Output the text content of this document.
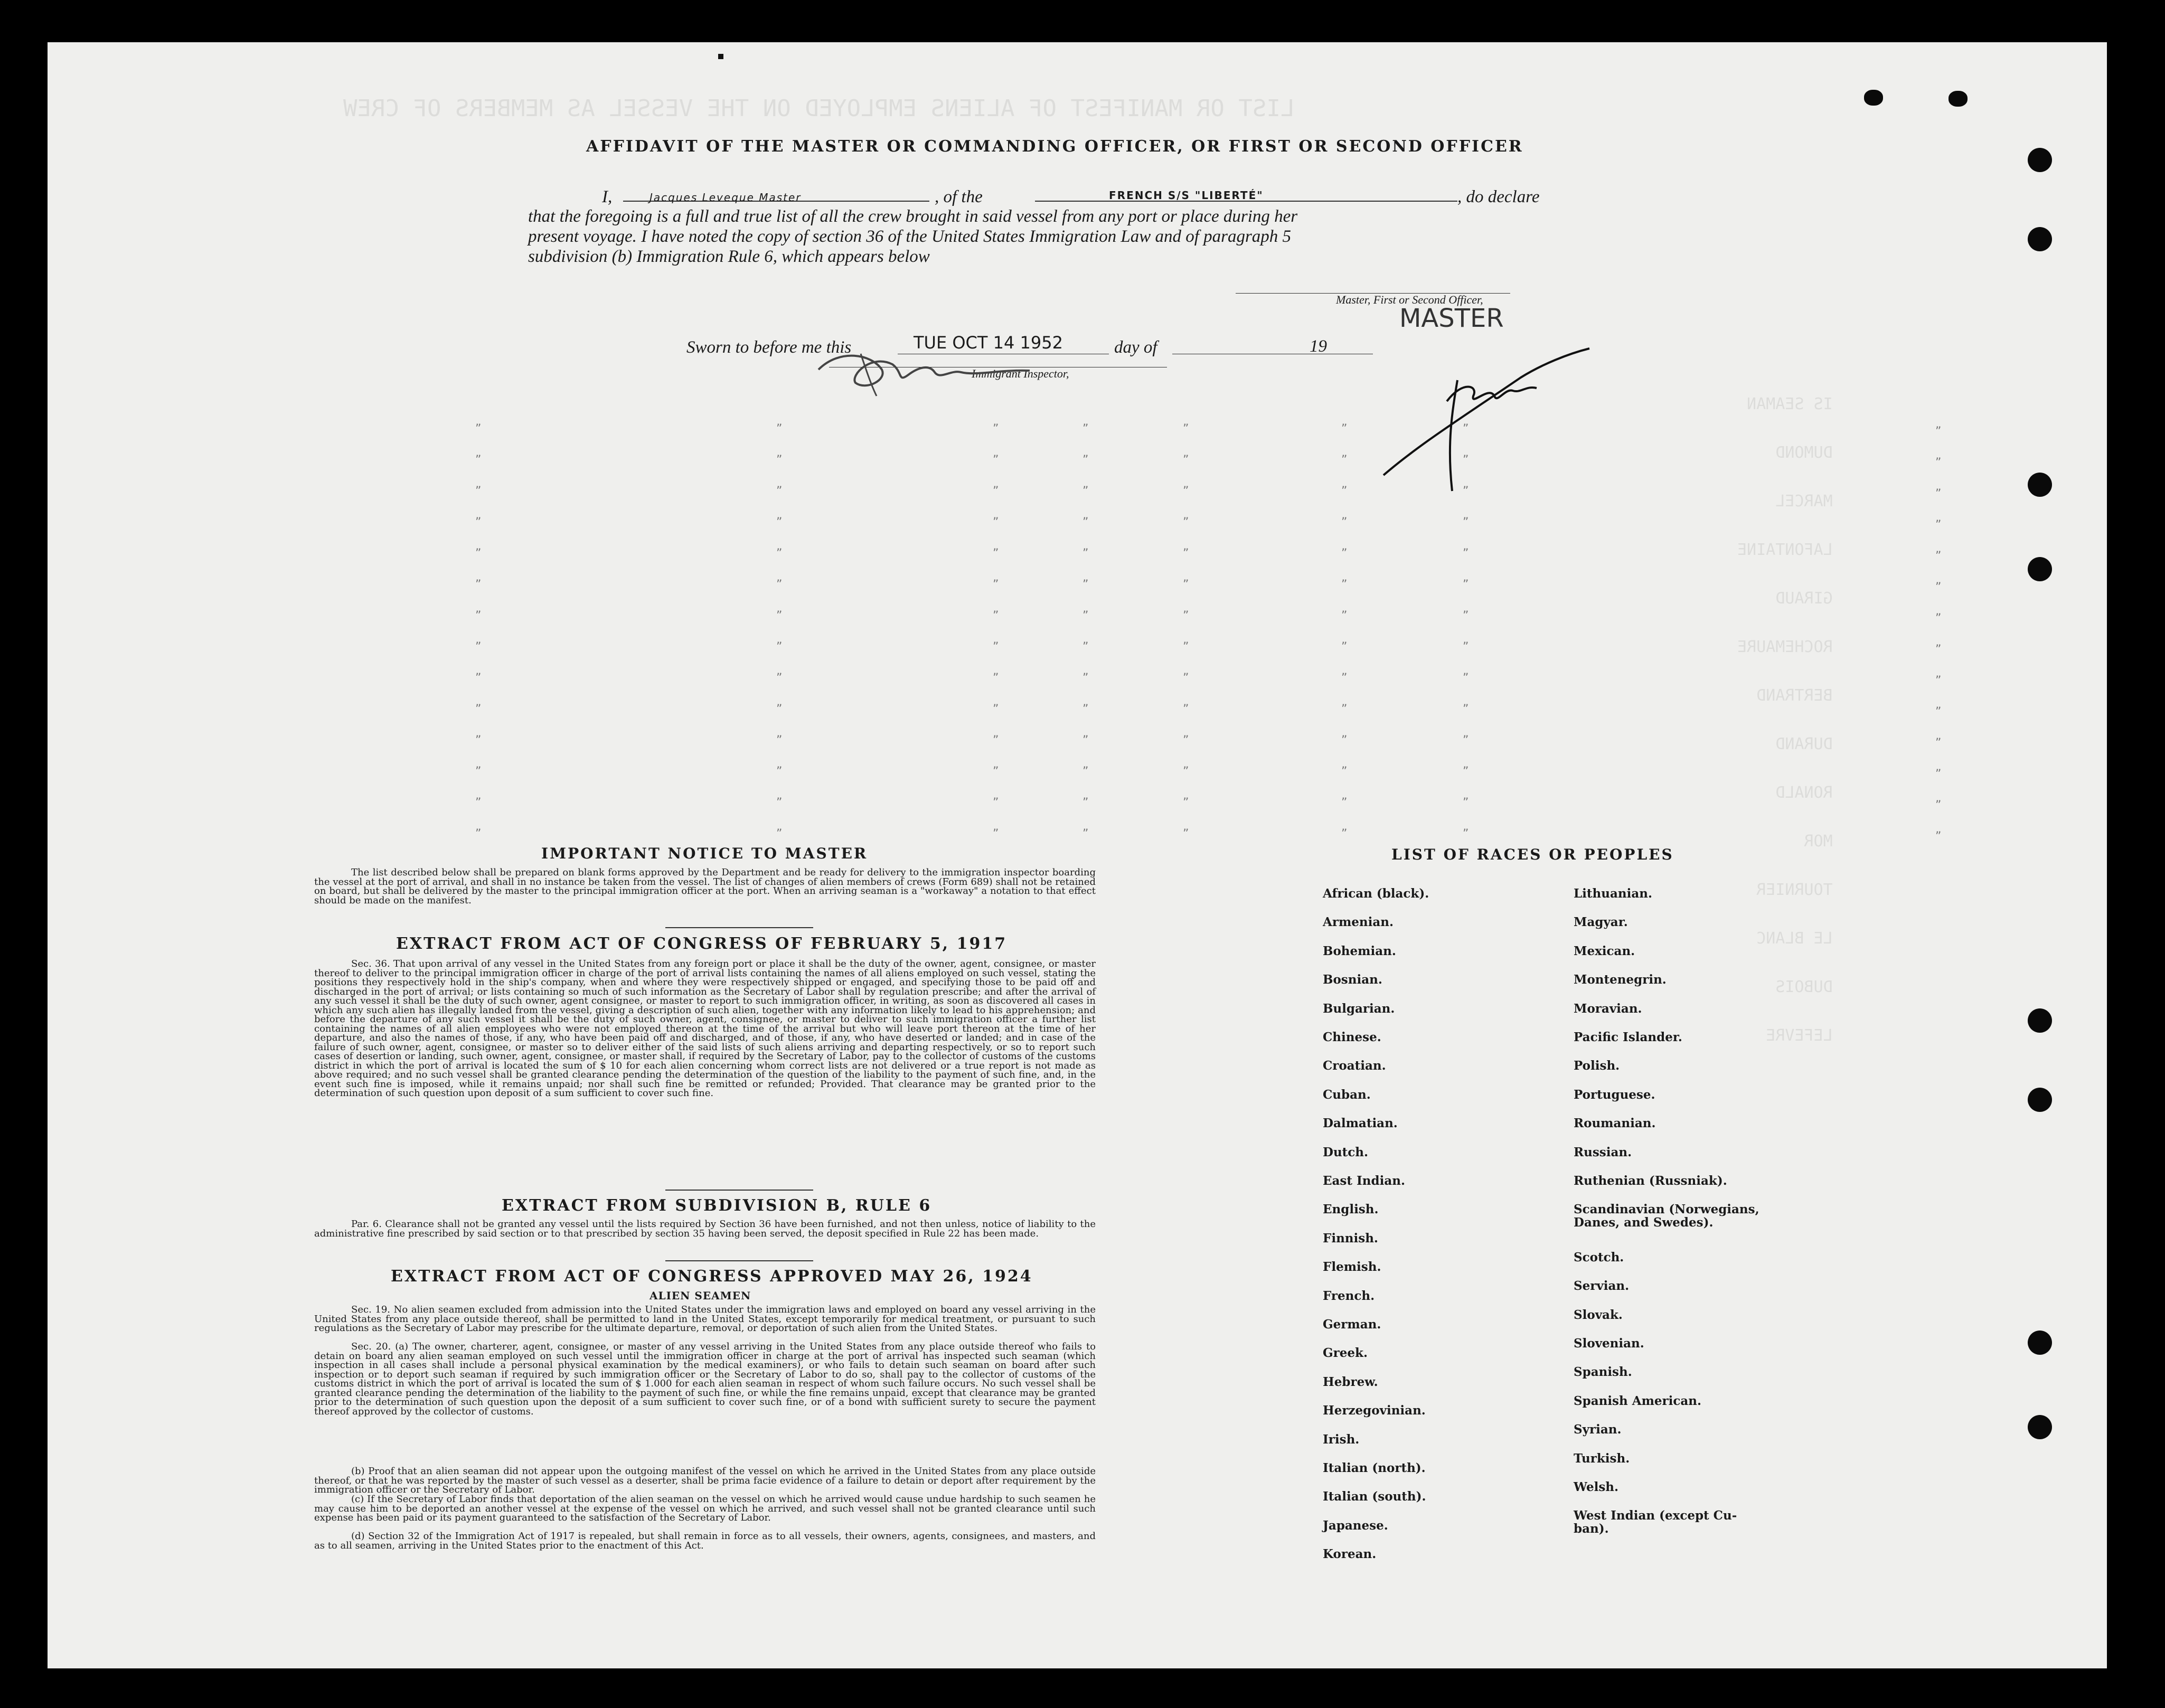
LIST OR MANIFEST OF ALIENS EMPLOYED ON THE VESSEL AS MEMBERS OF CREW
IS SEAMAN
DUMOND
MARCEL
LAFONTAINE
GIRAUD
ROCHEMAURE
BERTRAND
DURAND
RONALD
MOR
TOURNIER
LE BLANC
DUBOIS
LEFEVRE
”	”	”	”	”	”	”	”
”	”	”	”	”	”	”	”
”	”	”	”	”	”	”	”
”	”	”	”	”	”	”	”
”	”	”	”	”	”	”	”
”	”	”	”	”	”	”	”
”	”	”	”	”	”	”	”
”	”	”	”	”	”	”	”
”	”	”	”	”	”	”	”
”	”	”	”	”	”	”	”
”	”	”	”	”	”	”	”
”	”	”	”	”	”	”	”
”	”	”	”	”	”	”	”
”	”	”	”	”	”	”	”
AFFIDAVIT OF THE MASTER OR COMMANDING OFFICER, OR FIRST OR SECOND OFFICER
I,	Jacques Leveque Master	, of the	FRENCH S/S "LIBERTÉ"	, do declare
that the foregoing is a full and true list of all the crew brought in said vessel from any port or place during her
present voyage. I have noted the copy of section 36 of the United States Immigration Law and of paragraph 5
subdivision (b) Immigration Rule 6, which appears below
Master, First or Second Officer,
MASTER
Sworn to before me this	TUE OCT 14 1952	day of	19
Immigrant Inspector,
IMPORTANT NOTICE TO MASTER
The list described below shall be prepared on blank forms approved by the Department and be ready for delivery to the immigration inspector boarding the vessel at the port of arrival, and shall in no instance be taken from the vessel. The list of changes of alien members of crews (Form 689) shall not be retained on board, but shall be delivered by the master to the principal immigration officer at the port. When an arriving seaman is a "workaway" a notation to that effect should be made on the manifest.
EXTRACT FROM ACT OF CONGRESS OF FEBRUARY 5, 1917
Sec. 36. That upon arrival of any vessel in the United States from any foreign port or place it shall be the duty of the owner, agent, consignee, or master thereof to deliver to the principal immigration officer in charge of the port of arrival lists containing the names of all aliens employed on such vessel, stating the positions they respectively hold in the ship's company, when and where they were respectively shipped or engaged, and specifying those to be paid off and discharged in the port of arrival; or lists containing so much of such information as the Secretary of Labor shall by regulation prescribe; and after the arrival of any such vessel it shall be the duty of such owner, agent consignee, or master to report to such immigration officer, in writing, as soon as discovered all cases in which any such alien has illegally landed from the vessel, giving a description of such alien, together with any information likely to lead to his apprehension; and before the departure of any such vessel it shall be the duty of such owner, agent, consignee, or master to deliver to such immigration officer a further list containing the names of all alien employees who were not employed thereon at the time of the arrival but who will leave port thereon at the time of her departure, and also the names of those, if any, who have been paid off and discharged, and of those, if any, who have deserted or landed; and in case of the failure of such owner, agent, consignee, or master so to deliver either of the said lists of such aliens arriving and departing respectively, or so to report such cases of desertion or landing, such owner, agent, consignee, or master shall, if required by the Secretary of Labor, pay to the collector of customs of the customs district in which the port of arrival is located the sum of $ 10 for each alien concerning whom correct lists are not delivered or a true report is not made as above required; and no such vessel shall be granted clearance pending the determination of the question of the liability to the payment of such fine, and, in the event such fine is imposed, while it remains unpaid; nor shall such fine be remitted or refunded; Provided. That clearance may be granted prior to the determination of such question upon deposit of a sum sufficient to cover such fine.
EXTRACT FROM SUBDIVISION B, RULE 6
Par. 6. Clearance shall not be granted any vessel until the lists required by Section 36 have been furnished, and not then unless, notice of liability to the administrative fine prescribed by said section or to that prescribed by section 35 having been served, the deposit specified in Rule 22 has been made.
EXTRACT FROM ACT OF CONGRESS APPROVED MAY 26, 1924
ALIEN SEAMEN
Sec. 19. No alien seamen excluded from admission into the United States under the immigration laws and employed on board any vessel arriving in the United States from any place outside thereof, shall be permitted to land in the United States, except temporarily for medical treatment, or pursuant to such regulations as the Secretary of Labor may prescribe for the ultimate departure, removal, or deportation of such alien from the United States.
Sec. 20. (a) The owner, charterer, agent, consignee, or master of any vessel arriving in the United States from any place outside thereof who fails to detain on board any alien seaman employed on such vessel until the immigration officer in charge at the port of arrival has inspected such seaman (which inspection in all cases shall include a personal physical examination by the medical examiners), or who fails to detain such seaman on board after such inspection or to deport such seaman if required by such immigration officer or the Secretary of Labor to do so, shall pay to the collector of customs of the customs district in which the port of arrival is located the sum of $ 1.000 for each alien seaman in respect of whom such failure occurs. No such vessel shall be granted clearance pending the determination of the liability to the payment of such fine, or while the fine remains unpaid, except that clearance may be granted prior to the determination of such question upon the deposit of a sum sufficient to cover such fine, or of a bond with sufficient surety to secure the payment thereof approved by the collector of customs.
(b) Proof that an alien seaman did not appear upon the outgoing manifest of the vessel on which he arrived in the United States from any place outside thereof, or that he was reported by the master of such vessel as a deserter, shall be prima facie evidence of a failure to detain or deport after requirement by the immigration officer or the Secretary of Labor.
(c) If the Secretary of Labor finds that deportation of the alien seaman on the vessel on which he arrived would cause undue hardship to such seamen he may cause him to be deported an another vessel at the expense of the vessel on which he arrived, and such vessel shall not be granted clearance until such expense has been paid or its payment guaranteed to the satisfaction of the Secretary of Labor.
(d) Section 32 of the Immigration Act of 1917 is repealed, but shall remain in force as to all vessels, their owners, agents, consignees, and masters, and as to all seamen, arriving in the United States prior to the enactment of this Act.
LIST OF RACES OR PEOPLES
African (black).
Armenian.
Bohemian.
Bosnian.
Bulgarian.
Chinese.
Croatian.
Cuban.
Dalmatian.
Dutch.
East Indian.
English.
Finnish.
Flemish.
French.
German.
Greek.
Hebrew.
Herzegovinian.
Irish.
Italian (north).
Italian (south).
Japanese.
Korean.
Lithuanian.
Magyar.
Mexican.
Montenegrin.
Moravian.
Pacific Islander.
Polish.
Portuguese.
Roumanian.
Russian.
Ruthenian (Russniak).
Scandinavian (Norwegians,
Danes, and Swedes).
Scotch.
Servian.
Slovak.
Slovenian.
Spanish.
Spanish American.
Syrian.
Turkish.
Welsh.
West Indian (except Cu-
ban).
